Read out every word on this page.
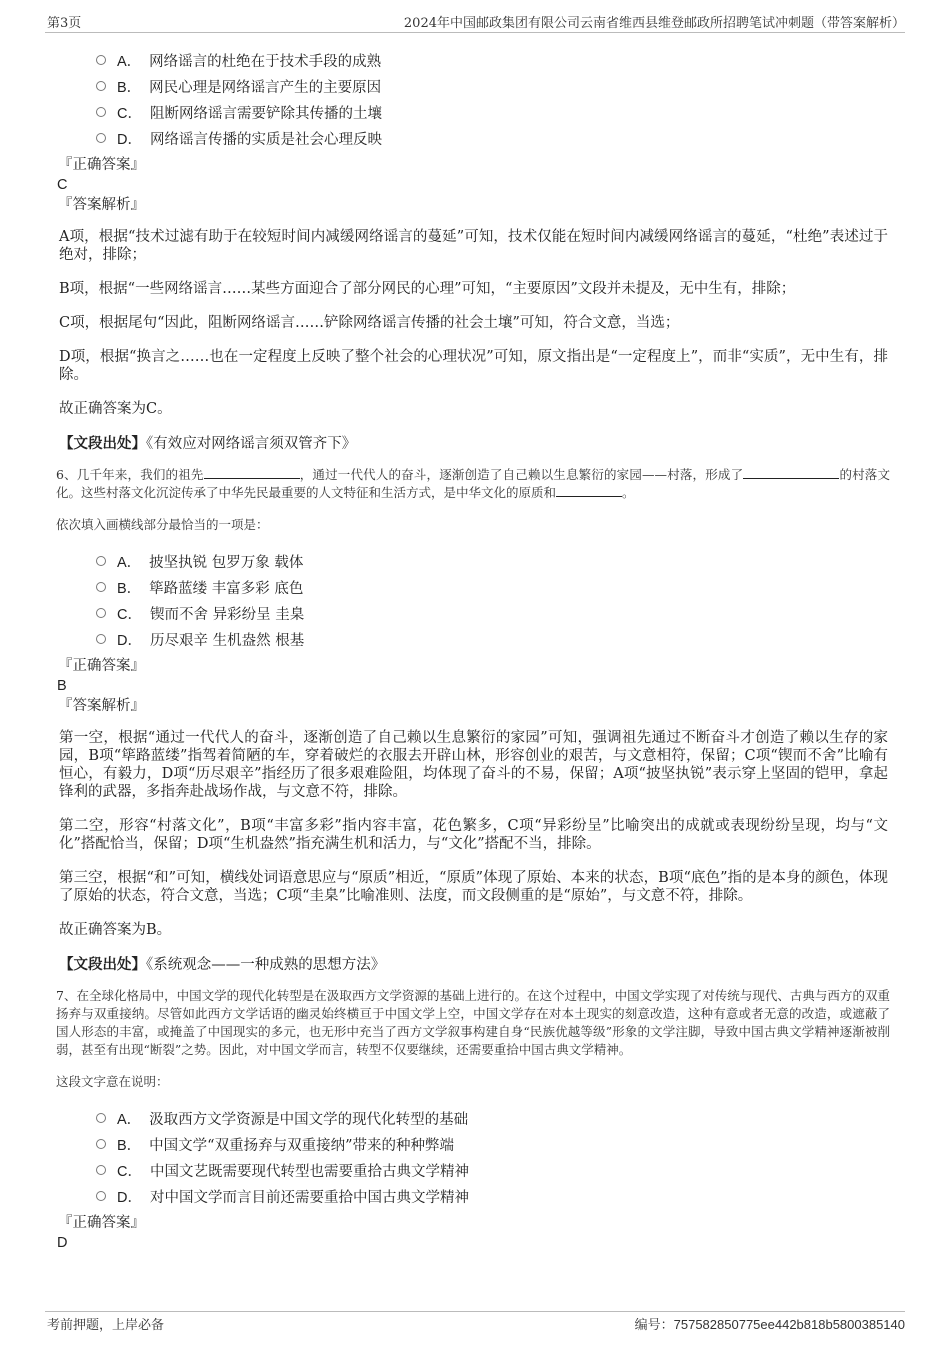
第3页	2024年中国邮政集团有限公司云南省维西县维登邮政所招聘笔试冲刺题（带答案解析）
A． 网络谣言的杜绝在于技术手段的成熟
B． 网民心理是网络谣言产生的主要原因
C． 阻断网络谣言需要铲除其传播的土壤
D． 网络谣言传播的实质是社会心理反映
『正确答案』
C
『答案解析』
A项，根据“技术过滤有助于在较短时间内减缓网络谣言的蔓延”可知，技术仅能在短时间内减缓网络谣言的蔓延，“杜绝”表述过于绝对，排除；
B项，根据“一些网络谣言……某些方面迎合了部分网民的心理”可知，“主要原因”文段并未提及，无中生有，排除；
C项，根据尾句“因此，阻断网络谣言……铲除网络谣言传播的社会土壤”可知，符合文意，当选；
D项，根据“换言之……也在一定程度上反映了整个社会的心理状况”可知，原文指出是“一定程度上”，而非“实质”，无中生有，排除。
故正确答案为C。
【文段出处】《有效应对网络谣言须双管齐下》
6、几千年来，我们的祖先	，通过一代代人的奋斗，逐渐创造了自己赖以生息繁衍的家园——村落，形成了	的村落文化。这些村落文化沉淀传承了中华先民最重要的人文特征和生活方式，是中华文化的原质和	。
依次填入画横线部分最恰当的一项是：
A． 披坚执锐 包罗万象 载体
B． 筚路蓝缕 丰富多彩 底色
C． 锲而不舍 异彩纷呈 圭臬
D． 历尽艰辛 生机盎然 根基
『正确答案』
B
『答案解析』
第一空，根据“通过一代代人的奋斗，逐渐创造了自己赖以生息繁衍的家园”可知，强调祖先通过不断奋斗才创造了赖以生存的家园，B项“筚路蓝缕”指驾着简陋的车，穿着破烂的衣服去开辟山林，形容创业的艰苦，与文意相符，保留；C项“锲而不舍”比喻有恒心，有毅力，D项“历尽艰辛”指经历了很多艰难险阻，均体现了奋斗的不易，保留；A项“披坚执锐”表示穿上坚固的铠甲，拿起锋利的武器，多指奔赴战场作战，与文意不符，排除。
第二空，形容“村落文化”，B项“丰富多彩”指内容丰富，花色繁多，C项“异彩纷呈”比喻突出的成就或表现纷纷呈现，均与“文化”搭配恰当，保留；D项“生机盎然”指充满生机和活力，与“文化”搭配不当，排除。
第三空，根据“和”可知，横线处词语意思应与“原质”相近，“原质”体现了原始、本来的状态，B项“底色”指的是本身的颜色，体现了原始的状态，符合文意，当选；C项“圭臬”比喻准则、法度，而文段侧重的是“原始”，与文意不符，排除。
故正确答案为B。
【文段出处】《系统观念——一种成熟的思想方法》
7、在全球化格局中，中国文学的现代化转型是在汲取西方文学资源的基础上进行的。在这个过程中，中国文学实现了对传统与现代、古典与西方的双重扬弃与双重接纳。尽管如此西方文学话语的幽灵始终横亘于中国文学上空，中国文学存在对本土现实的刻意改造，这种有意或者无意的改造，或遮蔽了国人形态的丰富，或掩盖了中国现实的多元，也无形中充当了西方文学叙事构建自身“民族优越等级”形象的文学注脚，导致中国古典文学精神逐渐被削弱，甚至有出现“断裂”之势。因此，对中国文学而言，转型不仅要继续，还需要重拾中国古典文学精神。
这段文字意在说明：
A． 汲取西方文学资源是中国文学的现代化转型的基础
B． 中国文学“双重扬弃与双重接纳”带来的种种弊端
C． 中国文艺既需要现代转型也需要重拾古典文学精神
D． 对中国文学而言目前还需要重拾中国古典文学精神
『正确答案』
D
考前押题，上岸必备	编号：757582850775ee442b818b5800385140
